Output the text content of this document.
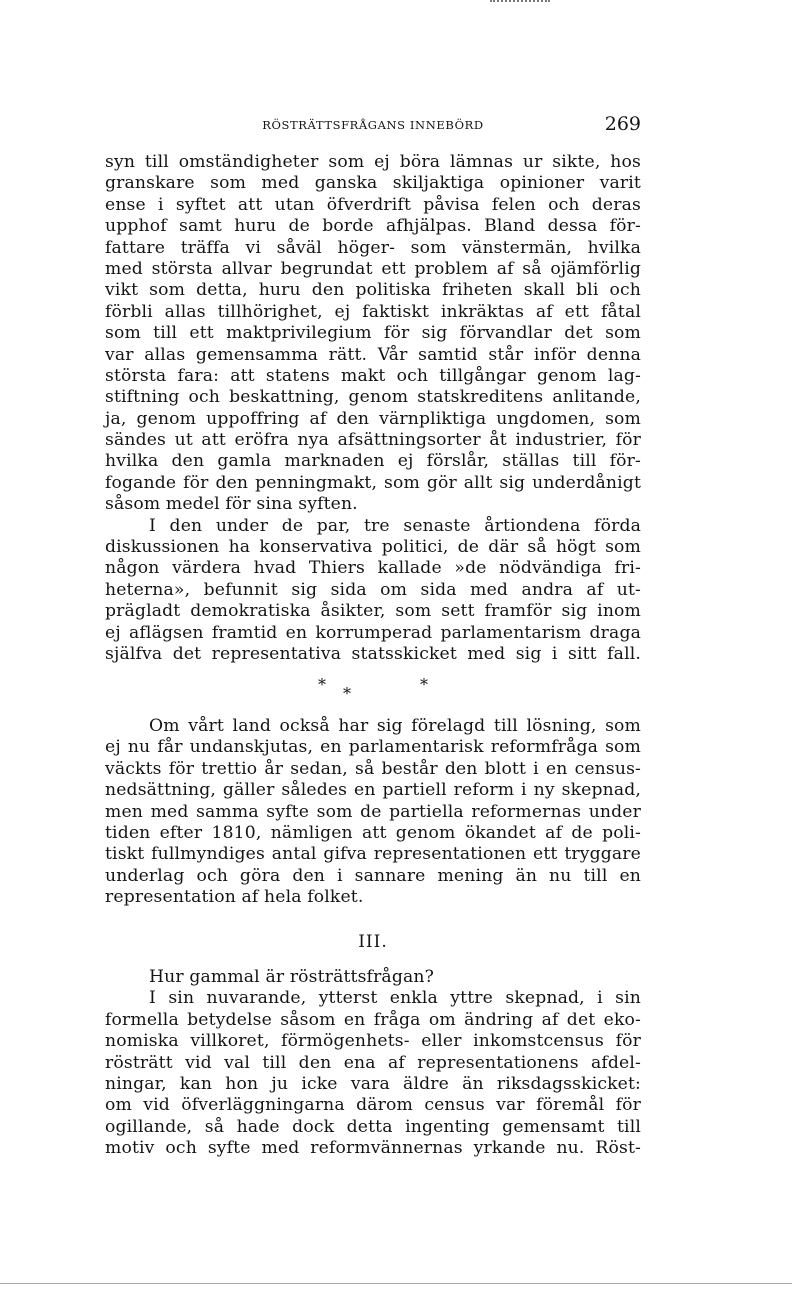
RÖSTRÄTTSFRÅGANS INNEBÖRD	269
syn till omständigheter som ej böra lämnas ur sikte, hos
granskare som med ganska skiljaktiga opinioner varit
ense i syftet att utan öfverdrift påvisa felen och deras
upphof samt huru de borde afhjälpas. Bland dessa för-
fattare träffa vi såväl höger- som vänstermän, hvilka
med största allvar begrundat ett problem af så ojämförlig
vikt som detta, huru den politiska friheten skall bli och
förbli allas tillhörighet, ej faktiskt inkräktas af ett fåtal
som till ett maktprivilegium för sig förvandlar det som
var allas gemensamma rätt. Vår samtid står inför denna
största fara: att statens makt och tillgångar genom lag-
stiftning och beskattning, genom statskreditens anlitande,
ja, genom uppoffring af den värnpliktiga ungdomen, som
sändes ut att eröfra nya afsättningsorter åt industrier, för
hvilka den gamla marknaden ej förslår, ställas till för-
fogande för den penningmakt, som gör allt sig underdånigt
såsom medel för sina syften.
I den under de par, tre senaste årtiondena förda
diskussionen ha konservativa politici, de där så högt som
någon värdera hvad Thiers kallade »de nödvändiga fri-
heterna», befunnit sig sida om sida med andra af ut-
prägladt demokratiska åsikter, som sett framför sig inom
ej aflägsen framtid en korrumperad parlamentarism draga
själfva det representativa statsskicket med sig i sitt fall.
* *	*
Om vårt land också har sig förelagd till lösning, som
ej nu får undanskjutas, en parlamentarisk reformfråga som
väckts för trettio år sedan, så består den blott i en census-
nedsättning, gäller således en partiell reform i ny skepnad,
men med samma syfte som de partiella reformernas under
tiden efter 1810, nämligen att genom ökandet af de poli-
tiskt fullmyndiges antal gifva representationen ett tryggare
underlag och göra den i sannare mening än nu till en
representation af hela folket.
III.
Hur gammal är rösträttsfrågan?
I sin nuvarande, ytterst enkla yttre skepnad, i sin
formella betydelse såsom en fråga om ändring af det eko-
nomiska villkoret, förmögenhets- eller inkomstcensus för
rösträtt vid val till den ena af representationens afdel-
ningar, kan hon ju icke vara äldre än riksdagsskicket:
om vid öfverläggningarna därom census var föremål för
ogillande, så hade dock detta ingenting gemensamt till
motiv och syfte med reformvännernas yrkande nu. Röst-
